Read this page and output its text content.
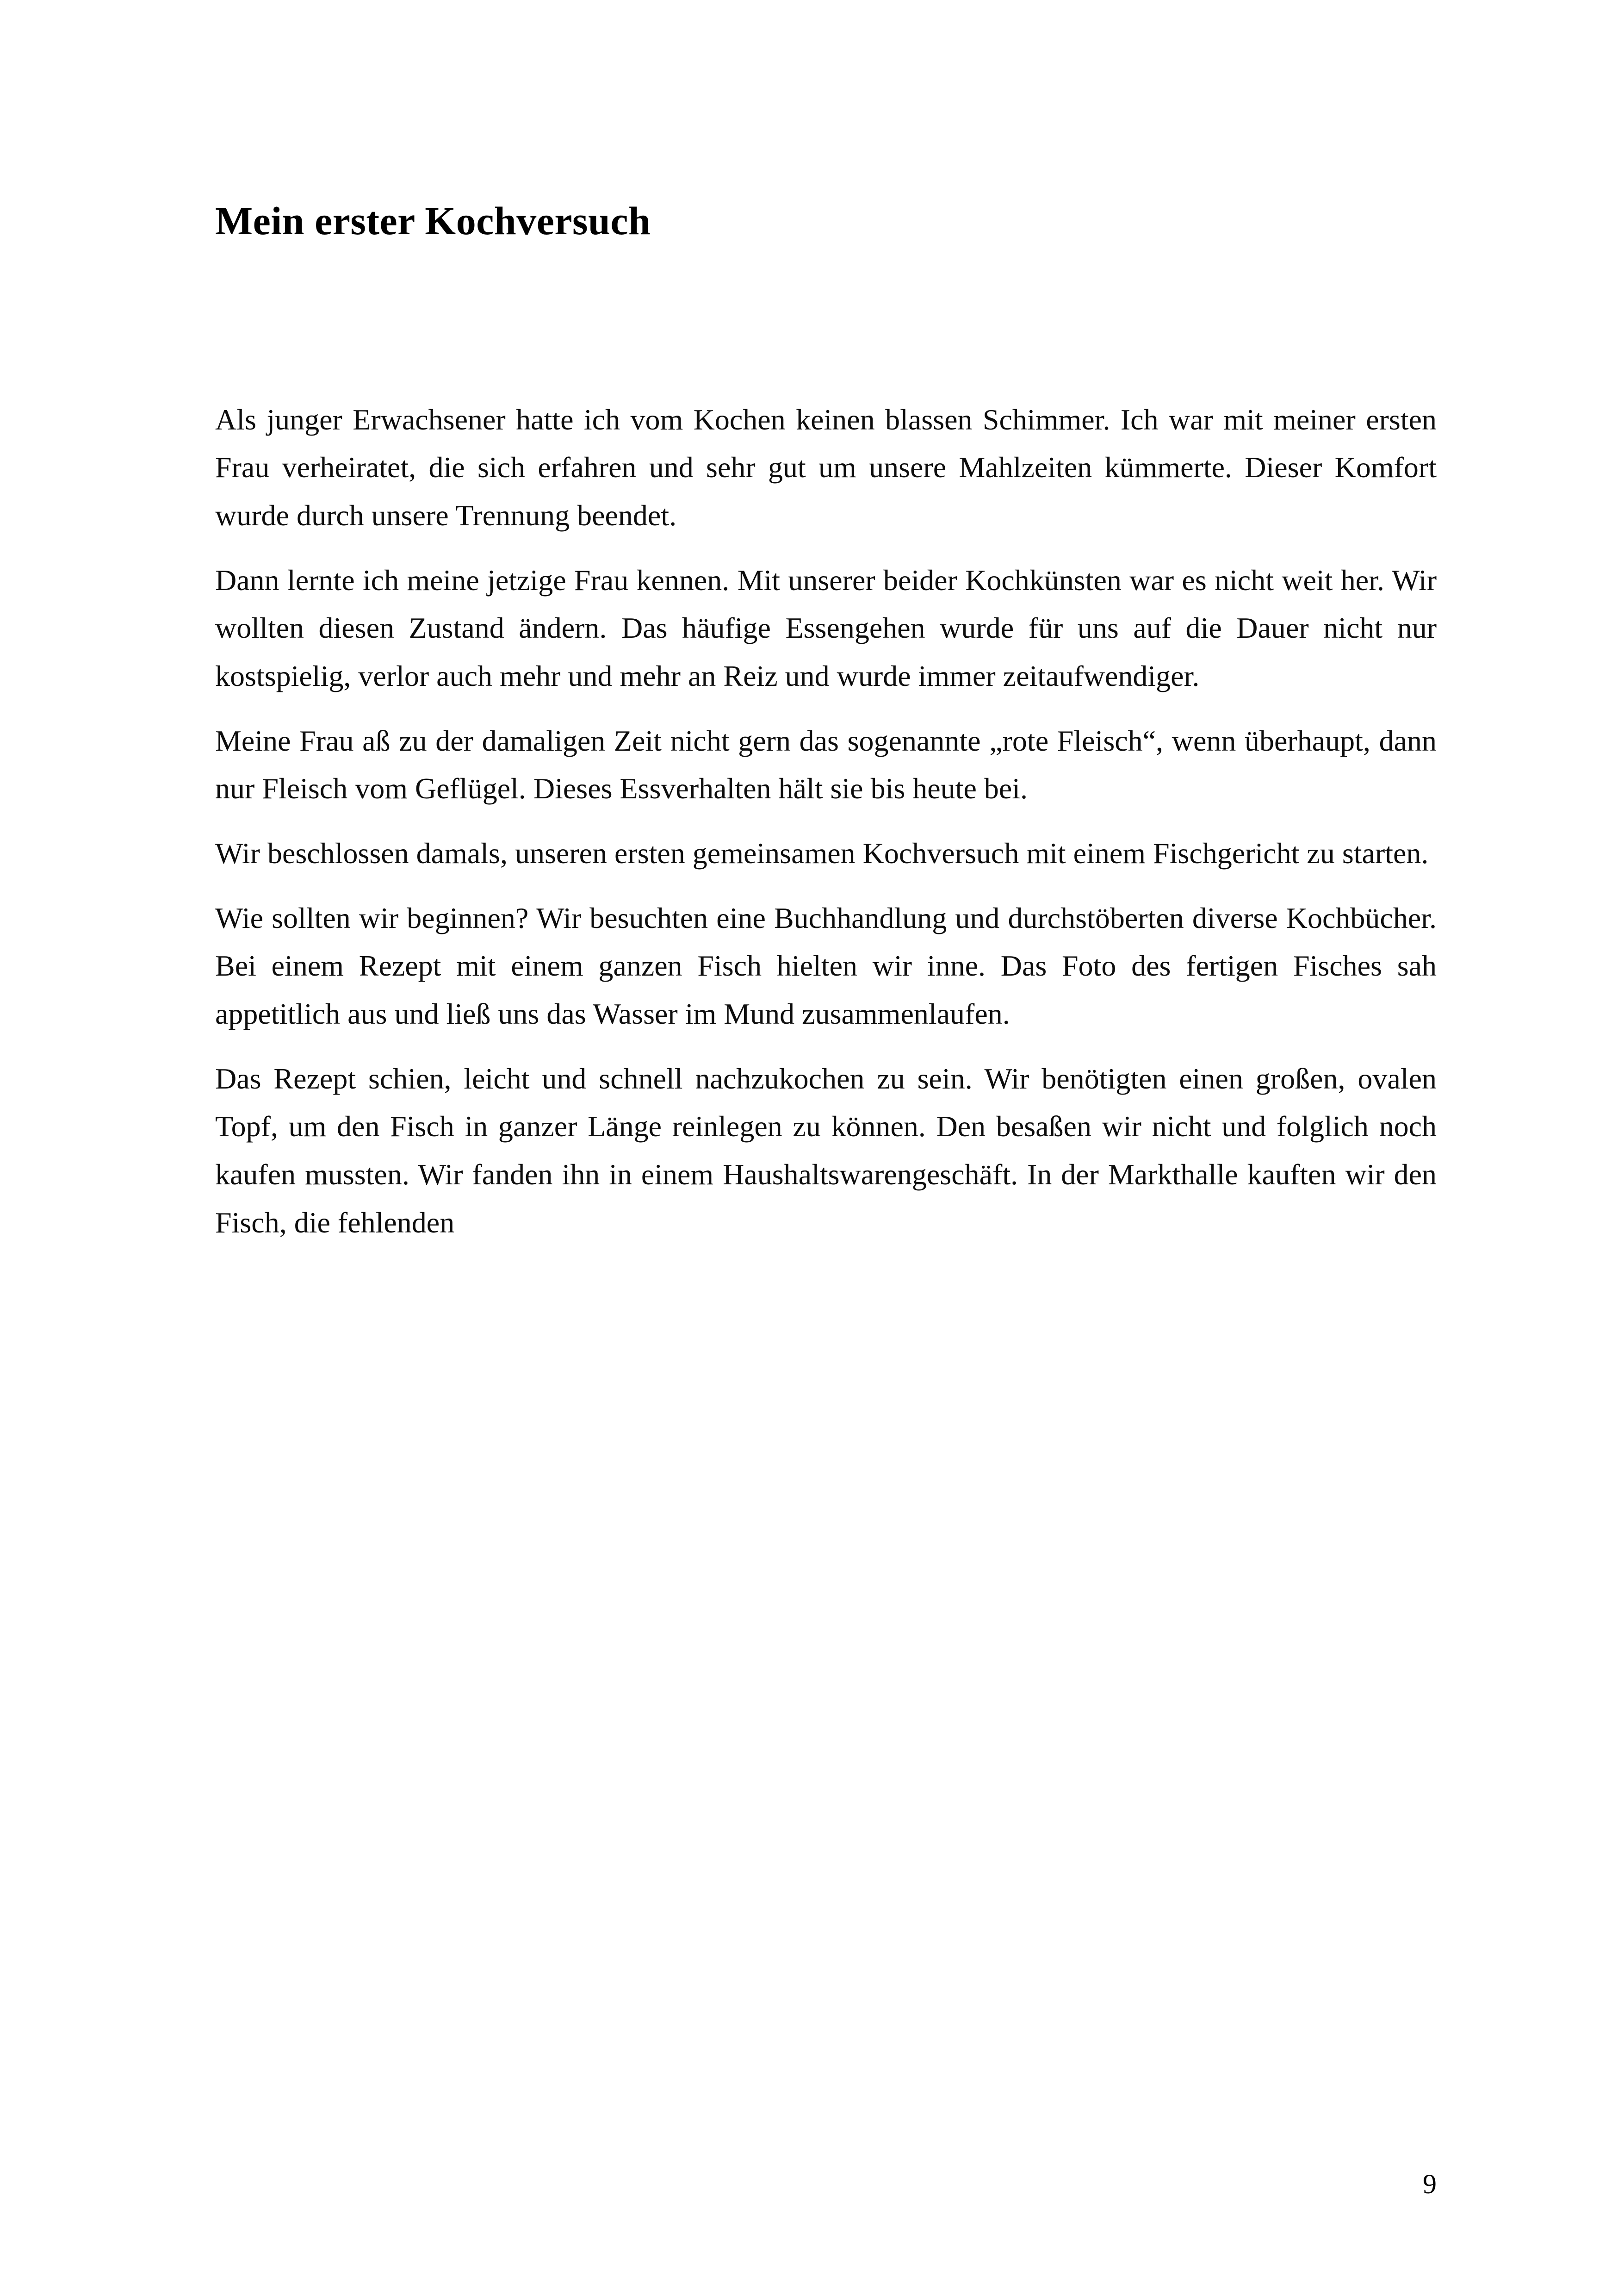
Mein erster Kochversuch

Als junger Erwachsener hatte ich vom Kochen keinen blassen Schimmer. Ich war mit meiner ersten Frau verheiratet, die sich erfahren und sehr gut um unsere Mahlzeiten kümmerte. Dieser Komfort wurde durch unsere Trennung beendet.

Dann lernte ich meine jetzige Frau kennen. Mit unserer beider Kochkünsten war es nicht weit her. Wir wollten diesen Zustand ändern. Das häufige Essengehen wurde für uns auf die Dauer nicht nur kostspielig, verlor auch mehr und mehr an Reiz und wurde immer zeitaufwendiger.

Meine Frau aß zu der damaligen Zeit nicht gern das sogenannte „rote Fleisch“, wenn überhaupt, dann nur Fleisch vom Geflügel. Dieses Essverhalten hält sie bis heute bei.

Wir beschlossen damals, unseren ersten gemeinsamen Kochversuch mit einem Fischgericht zu starten.

Wie sollten wir beginnen? Wir besuchten eine Buchhandlung und durchstöberten diverse Kochbücher. Bei einem Rezept mit einem ganzen Fisch hielten wir inne. Das Foto des fertigen Fisches sah appetitlich aus und ließ uns das Wasser im Mund zusammenlaufen.

Das Rezept schien, leicht und schnell nachzukochen zu sein. Wir benötigten einen großen, ovalen Topf, um den Fisch in ganzer Länge reinlegen zu können. Den besaßen wir nicht und folglich noch kaufen mussten. Wir fanden ihn in einem Haushaltswarengeschäft. In der Markthalle kauften wir den Fisch, die fehlenden

9
